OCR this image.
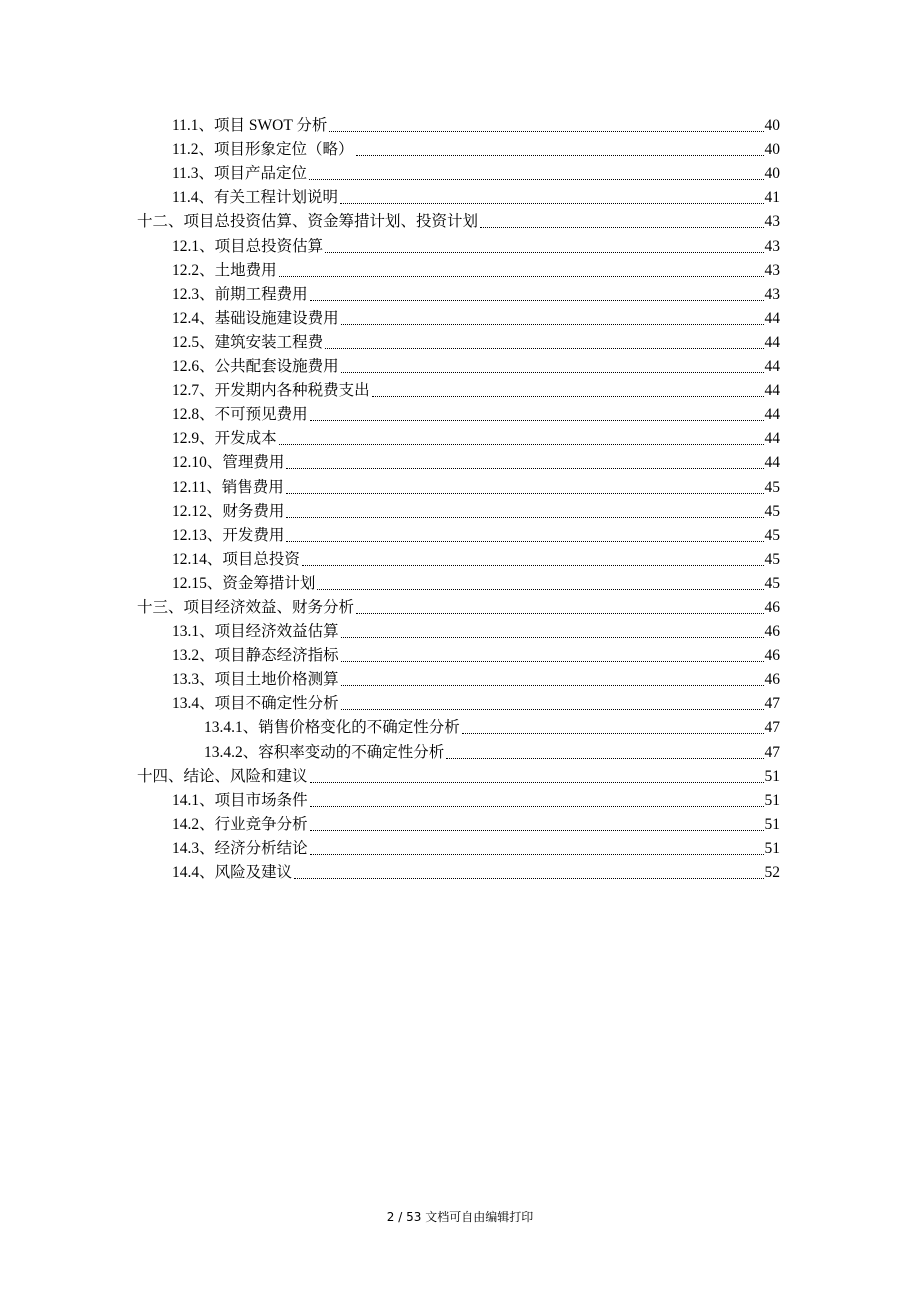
11.1、项目 SWOT 分析	40
11.2、项目形象定位（略）	40
11.3、项目产品定位	40
11.4、有关工程计划说明	41
十二、项目总投资估算、资金筹措计划、投资计划	43
12.1、项目总投资估算	43
12.2、土地费用	43
12.3、前期工程费用	43
12.4、基础设施建设费用	44
12.5、建筑安装工程费	44
12.6、公共配套设施费用	44
12.7、开发期内各种税费支出	44
12.8、不可预见费用	44
12.9、开发成本	44
12.10、管理费用	44
12.11、销售费用	45
12.12、财务费用	45
12.13、开发费用	45
12.14、项目总投资	45
12.15、资金筹措计划	45
十三、项目经济效益、财务分析	46
13.1、项目经济效益估算	46
13.2、项目静态经济指标	46
13.3、项目土地价格测算	46
13.4、项目不确定性分析	47
13.4.1、销售价格变化的不确定性分析	47
13.4.2、容积率变动的不确定性分析	47
十四、结论、风险和建议	51
14.1、项目市场条件	51
14.2、行业竞争分析	51
14.3、经济分析结论	51
14.4、风险及建议	52
2 / 53 文档可自由编辑打印
